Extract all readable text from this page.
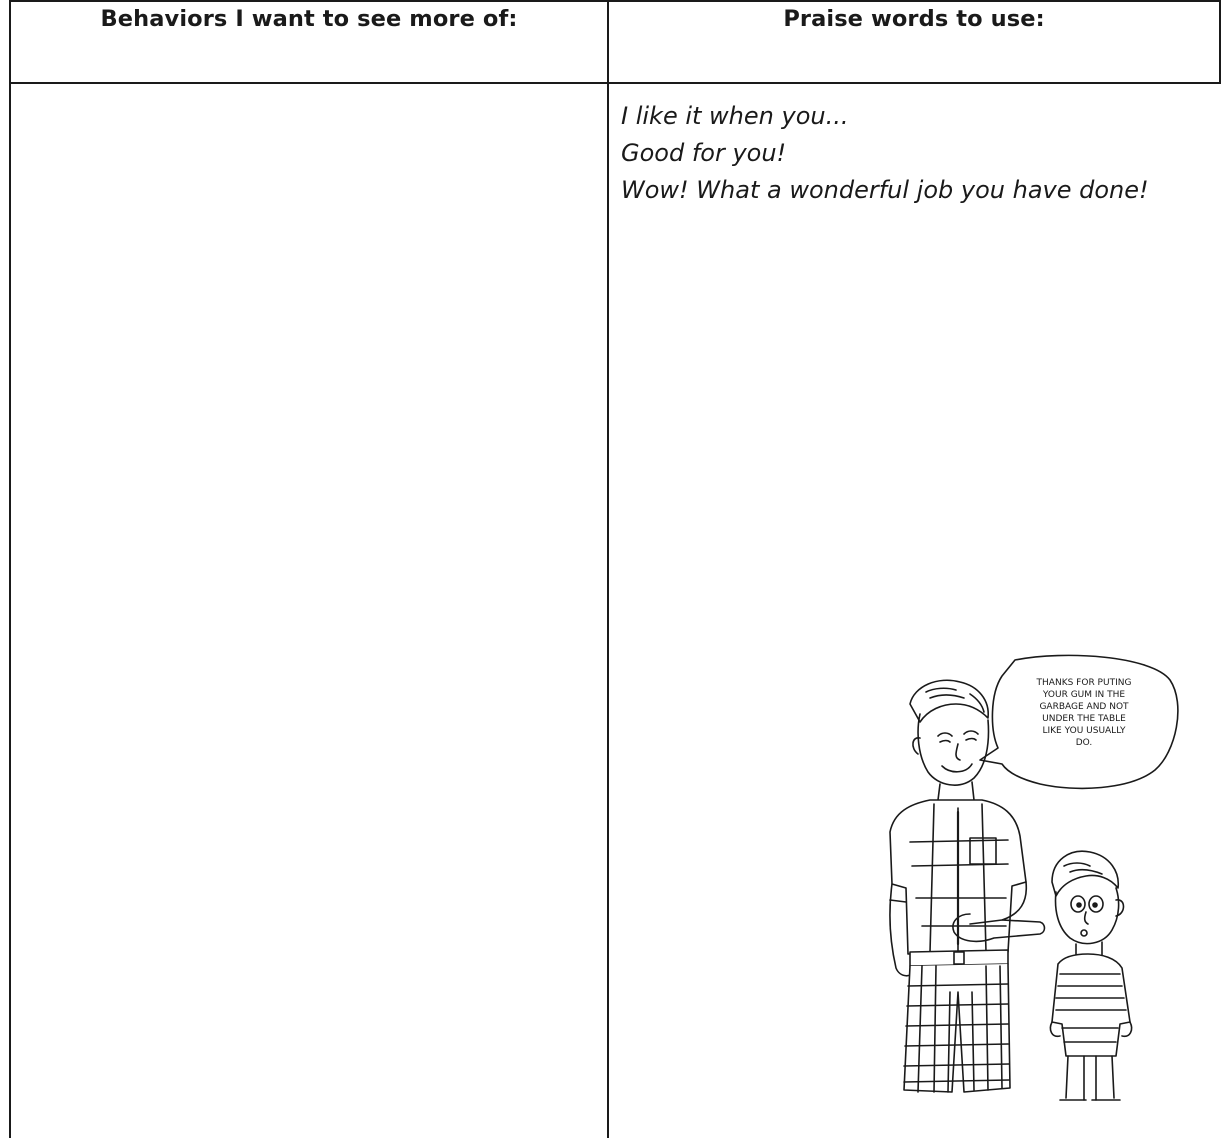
Behaviors I want to see more of:	Praise words to use:
I like it when you...
Good for you!
Wow! What a wonderful job you have done!
THANKS FOR PUTING
YOUR GUM IN THE
GARBAGE AND NOT
UNDER THE TABLE
LIKE YOU USUALLY
DO.
